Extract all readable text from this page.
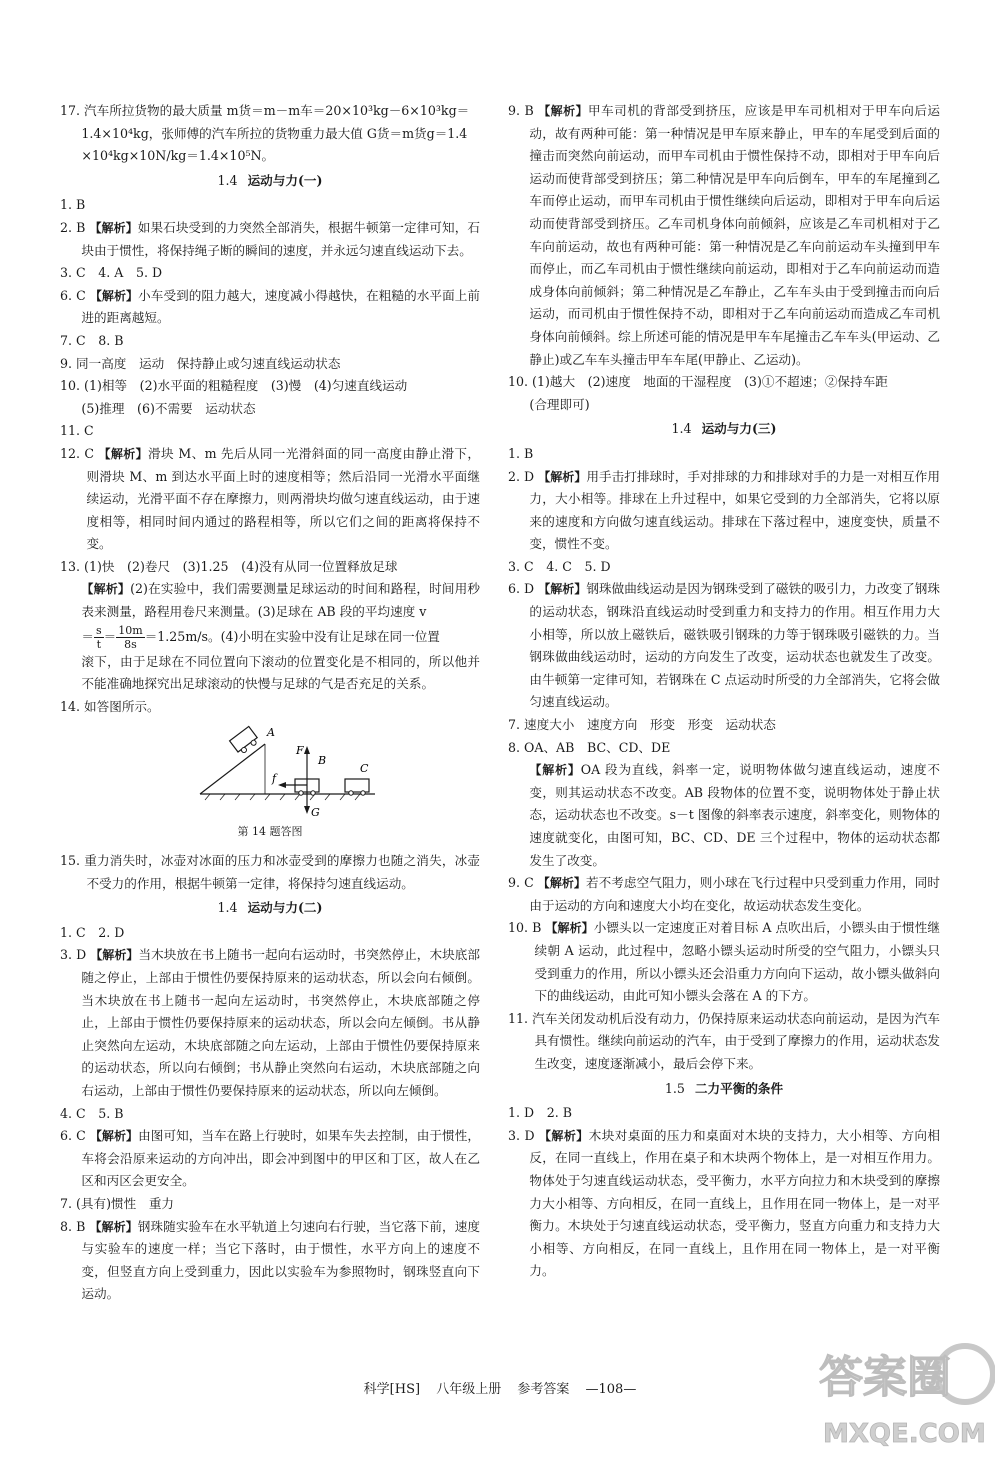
17. 汽车所拉货物的最大质量 m货＝m－m车＝20×10³kg－6×10³kg＝
1.4×10⁴kg，张师傅的汽车所拉的货物重力最大值 G货＝m货g＝1.4
×10⁴kg×10N/kg＝1.4×10⁵N。

1.4 运动与力(一)

1. B

2. B 【解析】如果石块受到的力突然全部消失，根据牛顿第一定律可知，石块由于惯性，将保持绳子断的瞬间的速度，并永远匀速直线运动下去。

3. C　4. A　5. D

6. C 【解析】小车受到的阻力越大，速度减小得越快，在粗糙的水平面上前进的距离越短。

7. C　8. B

9. 同一高度　运动　保持静止或匀速直线运动状态

10. (1)相等　(2)水平面的粗糙程度　(3)慢　(4)匀速直线运动
(5)推理　(6)不需要　运动状态

11. C

12. C 【解析】滑块 M、m 先后从同一光滑斜面的同一高度由静止滑下，则滑块 M、m 到达水平面上时的速度相等；然后沿同一光滑水平面继续运动，光滑平面不存在摩擦力，则两滑块均做匀速直线运动，由于速度相等，相同时间内通过的路程相等，所以它们之间的距离将保持不变。

13. (1)快　(2)卷尺　(3)1.25　(4)没有从同一位置释放足球

【解析】(2)在实验中，我们需要测量足球运动的时间和路程，时间用秒表来测量，路程用卷尺来测量。(3)足球在 AB 段的平均速度 v
＝ $\frac{s}{t} = \frac{10m}{8s} =1.25m/s$。(4)小明在实验中没有让足球在同一位置
滚下，由于足球在不同位置向下滚动的位置变化是不相同的，所以他并不能准确地探究出足球滚动的快慢与足球的气是否充足的关系。

14. 如答图所示。

A
F
B
f
G
C
第 14 题答图

15. 重力消失时，冰壶对冰面的压力和冰壶受到的摩擦力也随之消失，冰壶不受力的作用，根据牛顿第一定律，将保持匀速直线运动。

1.4 运动与力(二)

1. C　2. D

3. D 【解析】当木块放在书上随书一起向右运动时，书突然停止，木块底部随之停止，上部由于惯性仍要保持原来的运动状态，所以会向右倾倒。当木块放在书上随书一起向左运动时，书突然停止，木块底部随之停止，上部由于惯性仍要保持原来的运动状态，所以会向左倾倒。书从静止突然向左运动，木块底部随之向左运动，上部由于惯性仍要保持原来的运动状态，所以向右倾倒；书从静止突然向右运动，木块底部随之向右运动，上部由于惯性仍要保持原来的运动状态，所以向左倾倒。

4. C　5. B

6. C 【解析】由图可知，当车在路上行驶时，如果车失去控制，由于惯性，车将会沿原来运动的方向冲出，即会冲到图中的甲区和丁区，故人在乙区和丙区会更安全。

7. (具有)惯性　重力

8. B 【解析】钢珠随实验车在水平轨道上匀速向右行驶，当它落下前，速度与实验车的速度一样；当它下落时，由于惯性，水平方向上的速度不变，但竖直方向上受到重力，因此以实验车为参照物时，钢珠竖直向下运动。

9. B 【解析】甲车司机的背部受到挤压，应该是甲车司机相对于甲车向后运动，故有两种可能：第一种情况是甲车原来静止，甲车的车尾受到后面的撞击而突然向前运动，而甲车司机由于惯性保持不动，即相对于甲车向后运动而使背部受到挤压；第二种情况是甲车向后倒车，甲车的车尾撞到乙车而停止运动，而甲车司机由于惯性继续向后运动，即相对于甲车向后运动而使背部受到挤压。乙车司机身体向前倾斜，应该是乙车司机相对于乙车向前运动，故也有两种可能：第一种情况是乙车向前运动车头撞到甲车而停止，而乙车司机由于惯性继续向前运动，即相对于乙车向前运动而造成身体向前倾斜；第二种情况是乙车静止，乙车车头由于受到撞击而向后运动，而司机由于惯性保持不动，即相对于乙车向前运动而造成乙车司机身体向前倾斜。综上所述可能的情况是甲车车尾撞击乙车车头(甲运动、乙静止)或乙车车头撞击甲车车尾(甲静止、乙运动)。

10. (1)越大　(2)速度　地面的干湿程度　(3)①不超速；②保持车距
(合理即可)

1.4 运动与力(三)

1. B

2. D 【解析】用手击打排球时，手对排球的力和排球对手的力是一对相互作用力，大小相等。排球在上升过程中，如果它受到的力全部消失，它将以原来的速度和方向做匀速直线运动。排球在下落过程中，速度变快，质量不变，惯性不变。

3. C　4. C　5. D

6. D 【解析】钢珠做曲线运动是因为钢珠受到了磁铁的吸引力，力改变了钢珠的运动状态，钢珠沿直线运动时受到重力和支持力的作用。相互作用力大小相等，所以放上磁铁后，磁铁吸引钢珠的力等于钢珠吸引磁铁的力。当钢珠做曲线运动时，运动的方向发生了改变，运动状态也就发生了改变。由牛顿第一定律可知，若钢珠在 C 点运动时所受的力全部消失，它将会做匀速直线运动。

7. 速度大小　速度方向　形变　形变　运动状态

8. OA、AB　BC、CD、DE

【解析】OA 段为直线，斜率一定，说明物体做匀速直线运动，速度不变，则其运动状态不改变。AB 段物体的位置不变，说明物体处于静止状态，运动状态也不改变。s－t 图像的斜率表示速度，斜率变化，则物体的速度就变化，由图可知，BC、CD、DE 三个过程中，物体的运动状态都发生了改变。

9. C 【解析】若不考虑空气阻力，则小球在飞行过程中只受到重力作用，同时由于运动的方向和速度大小均在变化，故运动状态发生变化。

10. B 【解析】小镖头以一定速度正对着目标 A 点吹出后，小镖头由于惯性继续朝 A 运动，此过程中，忽略小镖头运动时所受的空气阻力，小镖头只受到重力的作用，所以小镖头还会沿重力方向向下运动，故小镖头做斜向下的曲线运动，由此可知小镖头会落在 A 的下方。

11. 汽车关闭发动机后没有动力，仍保持原来运动状态向前运动，是因为汽车具有惯性。继续向前运动的汽车，由于受到了摩擦力的作用，运动状态发生改变，速度逐渐减小，最后会停下来。

1.5 二力平衡的条件

1. D　2. B

3. D 【解析】木块对桌面的压力和桌面对木块的支持力，大小相等、方向相反，在同一直线上，作用在桌子和木块两个物体上，是一对相互作用力。物体处于匀速直线运动状态，受平衡力，水平方向拉力和木块受到的摩擦力大小相等、方向相反，在同一直线上，且作用在同一物体上，是一对平衡力。木块处于匀速直线运动状态，受平衡力，竖直方向重力和支持力大小相等、方向相反，在同一直线上，且作用在同一物体上，是一对平衡力。

科学[HS] 八年级上册 参考答案 —108—	答案圈
MXQE.COM
